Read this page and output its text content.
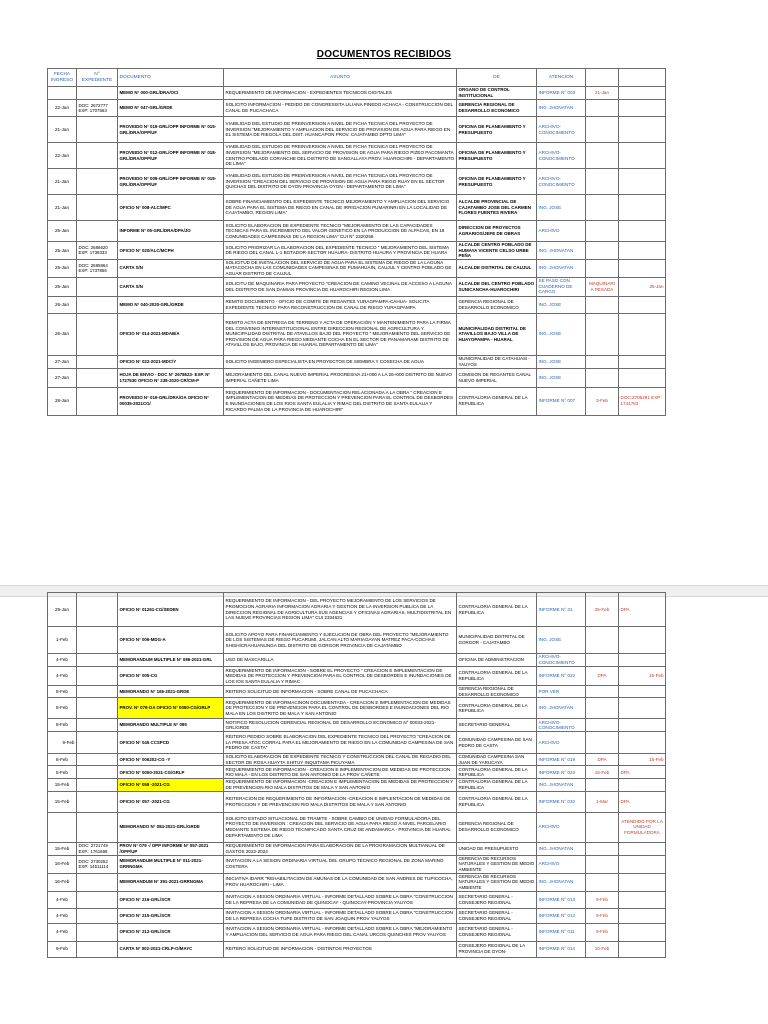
DOCUMENTOS RECIBIDOS
FECHA INGRESO	N° EXPEDIENTE	DOCUMENTO	ASUNTO	DE	ATENCION		
		MEMO N° 000-GRL/DRA/OCI	REQUERIMIENTO DE INFORMACION - EXPEDIENTES TECNICOS DIGITALES	ORGANO DE CONTROL INSTITUCIONAL	INFORME N° 003	21-Jan	
22-Jan	DOC: 2672777 EXP: 1707563	MEMO N° 047-GRL/GRDE	SOLICITO INFORMACION - PEDIDO DE CONGRESISTA LILIANA PINEDO ACHACA - CONSTRUCCION DEL CANAL DE PUCACHACA	GERENCIA REGIONAL DE DESARROLLO ECONOMICO	ING. JHONATAN		
21-Jan		PROVEIDO N° 019-GRL/OPP INFORME N° 015-GRL/DRA/OPP/UF	VIABILIDAD DEL ESTUDIO DE PREINVERSION A NIVEL DE FICHA TECNICA DEL PROYECTO DE INVERSION "MEJORAMIENTO Y AMPLIACION DEL SERVICIO DE PROVISION DE AGUA PARA RIEGO EN EL SISTEMA DE RIEGOLA DEL DIST. HUANCAPON PROV. CAJATAMBO DPTO LIMA"	OFICINA DE PLANEAMIENTO Y PRESUPUESTO	ARCHIVO-CONOCIMIENTO		
22-Jan		PROVEIDO N° 012-GRL/OPP INFORME N° 018-GRL/DRA/OPP/UF	VIABILIDAD DEL ESTUDIO DE PREINVERSION A NIVEL DE FICHA TECNICA DEL PROYECTO DE INVERSION "MEJORAMIENTO DEL SERVICIO DE PROVISION DE AGUA PARA RIEGO PIZEO PACOMANTA CENTRO POBLADO CORANCHE DEL DISTRITO DE SANGALLAYA PROV. HUAROCHIRI - DEPARTAMENTO DE LIMA"	OFICINA DE PLANEAMIENTO Y PRESUPUESTO	ARCHIVO-CONOCIMIENTO		
21-Jan		PROVEIDO N° 009-GRL/OPP INFORME N° 019-GRL/DRA/OPP/UF	VIABILIDAD DEL ESTUDIO DE PREINVERSION A NIVEL DE FICHA TECNICA DEL PROYECTO DE INVERSION "CREACION DEL SERVICIO DE PROVISION DE AGUA PARA RIEGO RUAY EN EL SECTOR QUICHAS DEL DISTRITO DE OYON PROVINCIA OYON - DEPARTAMENTO DE LIMA"	OFICINA DE PLANEAMIENTO Y PRESUPUESTO	ARCHIVO-CONOCIMIENTO		
21-Jan		OFICIO N° 008-ALC/MPC	SOBRE FINANCIAMIENTO DEL EXPEDIENTE TECNICO MEJORAMIENTO Y AMPLIACION DEL SERVICIO DE AGUA PARA EL SISTEMA DE RIEGO EN CANAL DE IRRIGACION PUMARINRI EN LA LOCALIDAD DE CAJATAMBO, REGION LIMA"	ALCALDE PROVINCIAL DE CAJATAMBO JOSE DEL CARMEN FLORES FUENTES RIVERA	ING. JOSE		
25-Jan		INFORME N° 05-GRL/DRA/DPA/JO	SOLICITO ELABORACION DE EXPEDIENTE TECNICO "MEJORAMIENTO DE LAS CAPACIDADES TECNICAS PARA EL INCREMENTO DEL VALOR GENETICO EN LA PRODUCCION DE ALPACAS, EN 18 COMUNIDADES CAMPESINAS DE LA REGION LIMA" CUI N° 2320259	DIRECCION DE PROYECTOS AGRARIOS/JEFE DE OBRAS	ARCHIVO		
25-Jan	DOC: 2686620 EXP: 1738333	OFICIO N° 020/ALC/MCPH	SOLICITO PRIORIZAR LA ELABORACION DEL EXPEDIENTE TECNICO " MEJORAMIENTO DEL SISTEMA DE RIEGO DEL CANAL L-1 BOTADOR-SECTOR HUAURA- DISTRITO HUAURA Y PROVINCIA DE HUARA	ALCALDE CENTRO POBLADO DE HUMAYA VICENTE CELSO URBE PEÑA	ING. JHONATAN		
25-Jan	DOC: 2685864 EXP: 1737856	CARTA S/N	SOLICITUD DE INSTALACION DEL SERVICIO DE AGUA PARA EL SISTEMA DE RIEGO DE LA LAGUNA MATACOCHA EN LAS COMUNIDADES CAMPESINAS DE PUMAHUAIN, CAUJUL Y CENTRO POBLADO DE AGUAR DISTRITO DE CAUJUL	ALCALDE DISTRITAL DE CAUJUL	ING. JHONATAN		
25-Jan		CARTA S/N	SOLICITU DE MAQUINARIA PARA PROYECTO "CREACION DE CAMINO VECINAL DE ACCESO A LAGUNA DEL DISTRITO DE SAN DAMIAN PROVINCIA DE HUAROCHIRI REGION LIMA	ALCALDE DEL CENTRO POBLADO SUNICANCHA-HUAROCHIRI	SE PASO CON CUADERNO DE CARGO	MAQUINARIA PESADA	26-Jan
26-Jan		MEMO N° 040-2020-GRL/GRDE	REMITO DOCUMENTO - OFICIO DE COMITE DE REGANTES YURAGPAMPA-CAHUA- SOLICITA EXPEDIENTE TECNICO PARA RECONSTRUCCION DE CANAL DE RIEGO YURAGPAMPA	GERENCIA REGIONAL DE DESARROLLO ECONOMICO	ING. JOSE		
26-Jan		OFICIO N° 014-2021-MDAB/A	REMITO ACTA DE ENTREGA DE TERRENO Y ACTA DE OPERACIÓN Y MANTENIMIENTO PARA LA FIRMA DEL CONVENIO INTERINSTITUCIONAL ENTRE DIRECCION REGIONAL DE AGRICULTURA Y MUNICIPALIDAD DISTRITAL DE ATAVILLOS BAJO DEL PROYECTO " MEJORAMIENTO DEL SERVICIO DE PROVISION DE AGUA PARA RIEGO MEDIANTE COCHA EN EL SECTOR DE PANAMARAMI DISTRITO DE ATAVILLOS BAJO, PROVINCIA DE HUARAL DEPARTAMENTO DE LIMA"	MUNICIPALIDAD DISTRITAL DE ATAVILLOS BAJO VILLA DE HUAYOPAMPA - HUARAL	ING. JOSE		
27-Jan		OFICIO N° 022-2021-MDC/Y	SOLICITO INGENIERO ESPECIALISTA EN PROYECTOS DE SIEMBRA Y COSECHA DE AGUA	MUNICIPALIDAD DE CATAHUASI - YAUYOS	ING. JOSE		
27-Jan		HOJA DE ENVIO - DOC N° 2678623- EXP. N° 1727530 OFICIO N° 238-2020-CR/CM-P	MEJORAMIENTO DEL CANAL NUEVO IMPERIAL PROGRESIVA 21+000 A LA 26+000 DISTRITO DE NUEVO IMPERIAL CAÑETE LIMA	COMISION DE REGANTES CANAL NUEVO IMPERIAL	ING. JOSE		
28-Jan		PROVEIDO N° 019-GRL/DRA/OA OFICIO N° 00035-2021CG/	REQUERIMIENTO DE INFORMACION - DOCUMENTACION RELACIONADA A LA OBRA " CREACION E IMPLEMENTACION DE MEDIDAS DE PROTECCION Y PREVENCION PARA EL CONTROL DE DESBORDES E INUNDACIONES DE LOS RIOS SANTA EULALIA Y RIMAC DEL DISTRITO DE SANTA EULALIA Y RICARDO PALMA DE LA PROVINCIA DE HUAROCHIRI"	CONTRALORIA GENERAL DE LA REPUBLICA	INFORME N° 007	3-Feb	DOC:2705291 EXP: 1741782
29-Jan		OFICIO N° 01261-CG/SEDEN	REQUERIMIENTO DE INFORMACION - DEL PROYECTO MEJORAMIENTO DE LOS SERVICIOS DE PROMOCION AGRARIA INFORMACION AGRARIA Y GESTION DE LA INVERSION PUBLICA DE LA DIRECCION REGIONAL DE AGRICULTURA SUS AGENCIAS Y OFICINAS AGRARIAS, MULTIDISTRITAL EN LAS NUEVE PROVINCIAS REGION LIMA" CUI 2334631	CONTRALORIA GENERAL DE LA REPUBLICA	INFORME N° 31	25-Feb	DPA
1-Feb		OFICIO N° 006-MDG-A	SOLICITO APOYO PARA FINANCIAMIENTO Y EJECUCION DE OBRA DEL PROYECTO "MEJORAMIENTO DE LOS SISTEMAS DE RIEGO PUCARUMI, JALCAN ALTO MARIAGAYAN MATREZ PACA-COCHAS SHISHICRAHUANUNGA DEL DISTRITO DE GORGOR PROVINCIA DE CAJATAMBO	MUNICIPALIDAD DISTRITAL DE GORGOR - CAJATAMBO	ING. JOSE		
4-Feb		MEMORANDUM MULTIPLE N° 086-2021-GRL	USO DE MASCARILLA	OFICINA DE ADMINISTRACION	ARCHIVO-CONOCIMIENTO		
4-Feb		OFICIO N° 005-CG	REQUERIMIENTO DE INFORMACION - SOBRE EL PROYECTO " CREACION E IMPLEMENTACION DE MEDIDAS DE PROTECCION Y PREVENCION PARA EL CONTROL DE DESBORDES E INUNDACIONES DE LOS IOS SANTA EULALIA Y RIMAC	CONTRALORIA GENERAL DE LA REPUBLICA	INFORME N° 022	DPA	15-Feb
8-Feb		MEMORANDO N° 165-2021-GRDE	REITERO SOLICITUD DE INFORMACION - SOBRE CANAL DE PUCACHACA	GERENCIA REGIONAL DE DESARROLLO ECONOMICO	POR VER		
8-Feb		PROV. N° 079-OA OFICIO N° 0050-CG/GRLP	REQUERIMIENTO DE INFORMACINON DOCUMENTADA - CREACION E IMPLEMENTACION DE MEDIDAS DE PROTECCION Y DE PREVENCION PARA EL CONTROL DE DESBORDES E INUNDACIONES DEL RIO MALA EN LOS DISTRITO DE MALA Y SAN ANTONIO	CONTRALORIA GENERAL DE LA REPUBLICA	ING. JHONATAN		
8-Feb		MEMORANDO MULTIPLE N° 095	NOTIFICO RESOLUCION GERENCIAL REGIONAL DE DESARROLLO ECONOMICO N° 00033-2021-GRL/GRDE	SECRETARIO GENERAL	ARCHIVO-CONOCIMIENTO		
9-Feb		OFICIO N° 045 CCSPCD	REITERO PEDIDO SOBRE ELABORACION DEL EXPEDIENTE TECNICO DEL PROYECTO "CREACION DE LA PRESA ATOC CORRAL PARA EL MEJORAMIENTO DE RIEGO EN LA COMUNIDAD CAMPESINA DE SAN PEDRO DE CASTA"	COMUNIDAD CAMPESINA DE SAN PEDRO DE CASTA	ARCHIVO		
8-Feb		OFICIO N° 006202-CG -Y	SOLICITO ELABORACION DE EXPEDIENTE TECNICO Y CONSTRUCCION DEL CANAL DE REGADIO DEL SECTOR DE ROSA HUAYTA SHITUY INQUITAMA PICUYAMA	COMUNIDAD CAMPESINA SAN JUAN DE YARUCAYA	INFORME N° 019	DPA	15-Feb
5-Feb		OFICIO N° 0050-2021-CG/GRLP	REQUERIMIENTO DE INFORMACION - CREACION E IMPLEMENTACION DE MEDIDAS DE PROTECCION RIO MALA - EN LOS DISTRITO DE SAN ANTONIO DE LA PROV CAÑETE	CONTRALORIA GENERAL DE LA REPUBLICA	INFORME N° 023	16-Feb	DPA
15-Feb		OFICIO N° 058 -2021-CG	REQUERIMIENTO DE INFORMACION -CREACION E IMPLEMENTACION DE MEDIDAS DE PROTECCION Y DE PREVENCION RIO MALA DISTRITOS DE MALA Y SAN ANTONIO	CONTRALORIA GENERAL DE LA REPUBLICA	ING. JHONATAN		
15-Feb		OFICIO N° 057 -2021-CG	REITERACION DE REQUERIMIENTO DE INFORMACION -CREACION E IMPLENTACION DE MEDIDAS DE PROTECCION Y DE PREVENCION RIO MALA DISTRITOS DE MALA Y SAN ANTONIO	CONTRALORIA GENERAL DE LA REPUBLICA	INFORME N° 032	1-Mar	DPA
		MEMORANDO N° 084-2021-GRL/GRDE	SOLICITO ESTADO SITUACIONAL DE TRAMITE - SOBRE CAMBIO DE UNIDAD FORMULADORA DEL PROYECTO DE INVERSION : CREACION DEL SERVICIO DE AGUA PARA RIEGO A NIVEL PARCELARIO MEDIANTE SISTEMA DE RIEGO TECNIFICADO SANTA CRUZ DE ANDAMARCA - PROVINCIA DE HUARAL DEPARTAMENTO DE LIMA	GERENCIA REGIONAL DE DESARROLLO ECONOMICO	ARCHIVO		ATENDIDO POR LA UNIDAD FORMULADORA
15-Feb	DOC: 2721749 EXP.: 1761698	PROV N° 079 -/ OPP INFORME N° 057-2021 /OPP/UP	REQUERIMIENTO DE INFORMACION PARA ELABORACION DE LA PROGRAMACION MULTIANUAL DE GASTOS 2022-2024	UNIDAD DE PRESUPUESTO	ING. JHONATAN		
16-Feb	DOC: 2730252 EXP: 14511114	MEMORANDUM MULTIPLE N° 011-2021-GRRNGMA	INVITACION A LA SESION ORDINARIA VIRTUAL DEL GRUPO TECNICO REGIONAL DE ZONA MARINO COSTERA	GERENCIA DE RECURSOS NATURALES Y GESTION DE MEDIO AMBIENTE	ARCHIVO		
16-Feb		MEMORANDUM N° 391-2021-GRRNGMA	INICIATIVA IDARR "REHABILITACION DE AMUNAS DE LA COMUNIDAD DE SAN ANDRES DE TUPICOCHA, PROV HUAROCHIRI - LIMA	GERENCIA DE RECURSOS NATURALES Y GESTION DE MEDIO AMBIENTE	ING. JHONATAN		
4-Feb		OFICIO N° 216-GRL/SCR	INVITACION A SESION ORDINARIA VIRTUAL - INFORME DETALLADO SOBRE LA OBRA "CONSTRUCCION DE LA REPRESA DE LA COMUNIDAD DE QUINOCAY - QUINOCAY-PROVINCIA YAUYOS	SECRETARIO GENERAL - CONSEJERO REGIONAL	INFORME N° 013	9-Feb	
4-Feb		OFICIO N° 215-GRL/SCR	INVITACION A SESION ORDINARIA VIRTUAL - INFORME DETALLADO SOBRE LA OBRA "CONSTRUCCION DE LA REPRESA COCHA TUPE DISTRITO DE SAN JOAQUIN PROV YAUYOS	SECRETARIO GENERAL - CONSEJERO REGIONAL	INFORME N° 012	9-Feb	
4-Feb		OFICIO N° 212-GRL/SCR	INVITACION A SESION ORDINARIA VIRTUAL - INFORME DETALLADO SOBRE LA OBRA "MEJORAMIENTO Y AMPLIACION DEL SERVICIO DE AGUA PARA RIEGO DEL CANAL URCOS QUINCHES PROV YAUYOS	SECRETARIO GENERAL - CONSEJERO REGIONAL	INFORME N° 011	9-Feb	
9-Feb		CARTA N° 002-2021-CRLP-O/MAYC	REITERO SOLICITUD DE INFORMACION - DISTINTOS PROYECTOS	CONSEJERO REGIONAL DE LA PROVINCIA DE OYON-	INFORME N° 014	10-Feb	
